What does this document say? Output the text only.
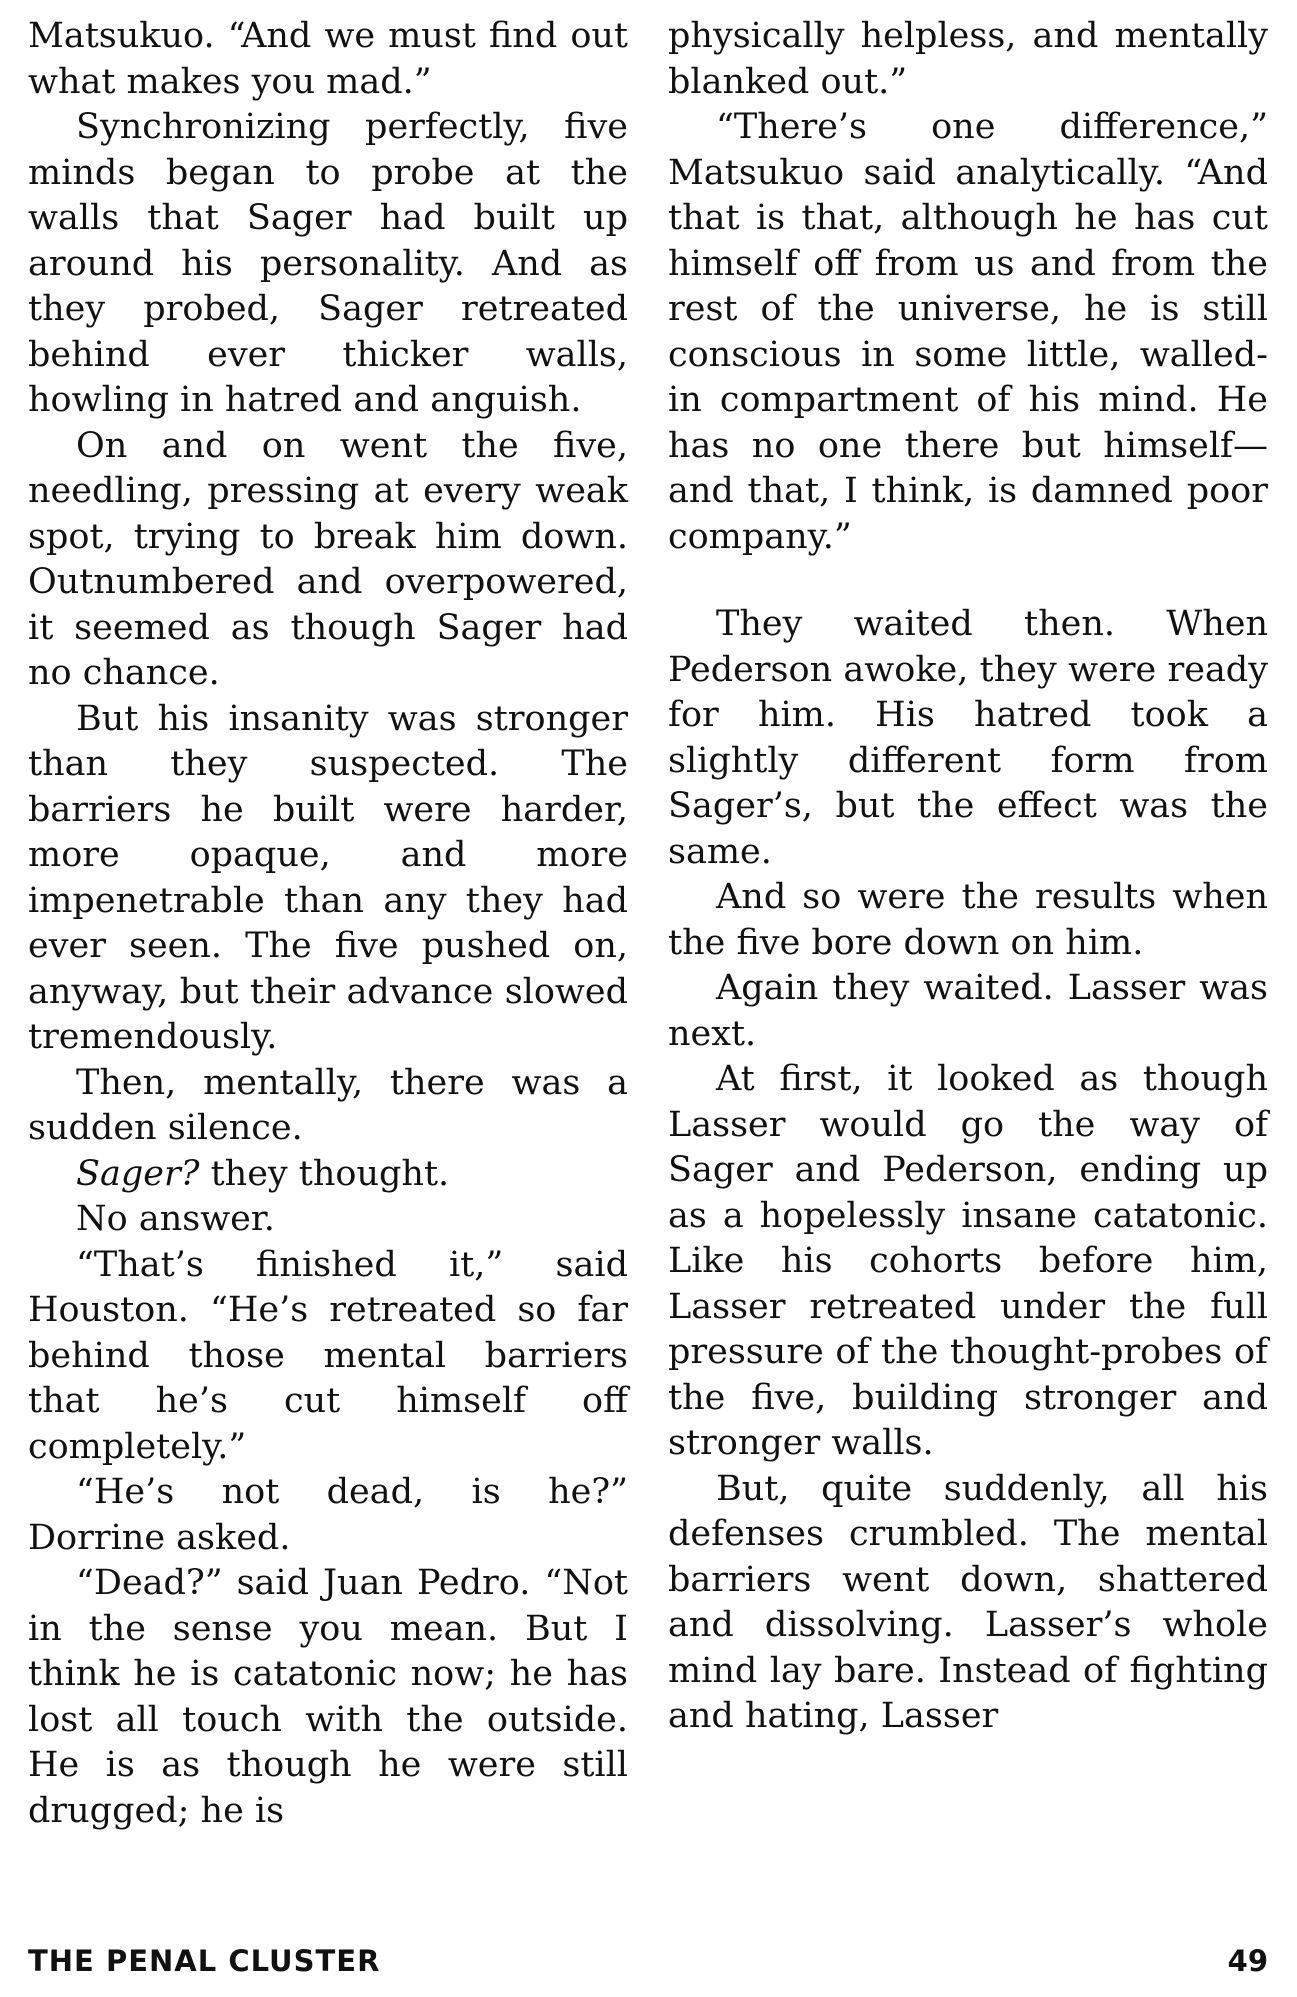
Matsukuo. “And we must find out what makes you mad.”

Synchronizing perfectly, five minds began to probe at the walls that Sager had built up around his personality. And as they probed, Sager retreated behind ever thicker walls, howling in hatred and anguish.

On and on went the five, needling, pressing at every weak spot, trying to break him down. Outnumbered and overpowered, it seemed as though Sager had no chance.

But his insanity was stronger than they suspected. The barriers he built were harder, more opaque, and more impenetrable than any they had ever seen. The five pushed on, anyway, but their advance slowed tremendously.

Then, mentally, there was a sudden silence.

Sager? they thought.

No answer.

“That’s finished it,” said Houston. “He’s retreated so far behind those mental barriers that he’s cut himself off completely.”

“He’s not dead, is he?” Dorrine asked.

“Dead?” said Juan Pedro. “Not in the sense you mean. But I think he is catatonic now; he has lost all touch with the outside. He is as though he were still drugged; he is

physically helpless, and mentally blanked out.”

“There’s one difference,” Matsukuo said analytically. “And that is that, although he has cut himself off from us and from the rest of the universe, he is still conscious in some little, walled-in compartment of his mind. He has no one there but himself—and that, I think, is damned poor company.”

They waited then. When Pederson awoke, they were ready for him. His hatred took a slightly different form from Sager’s, but the effect was the same.

And so were the results when the five bore down on him.

Again they waited. Lasser was next.

At first, it looked as though Lasser would go the way of Sager and Pederson, ending up as a hopelessly insane catatonic. Like his cohorts before him, Lasser retreated under the full pressure of the thought-probes of the five, building stronger and stronger walls.

But, quite suddenly, all his defenses crumbled. The mental barriers went down, shattered and dissolving. Lasser’s whole mind lay bare. Instead of fighting and hating, Lasser

THE PENAL CLUSTER	49
